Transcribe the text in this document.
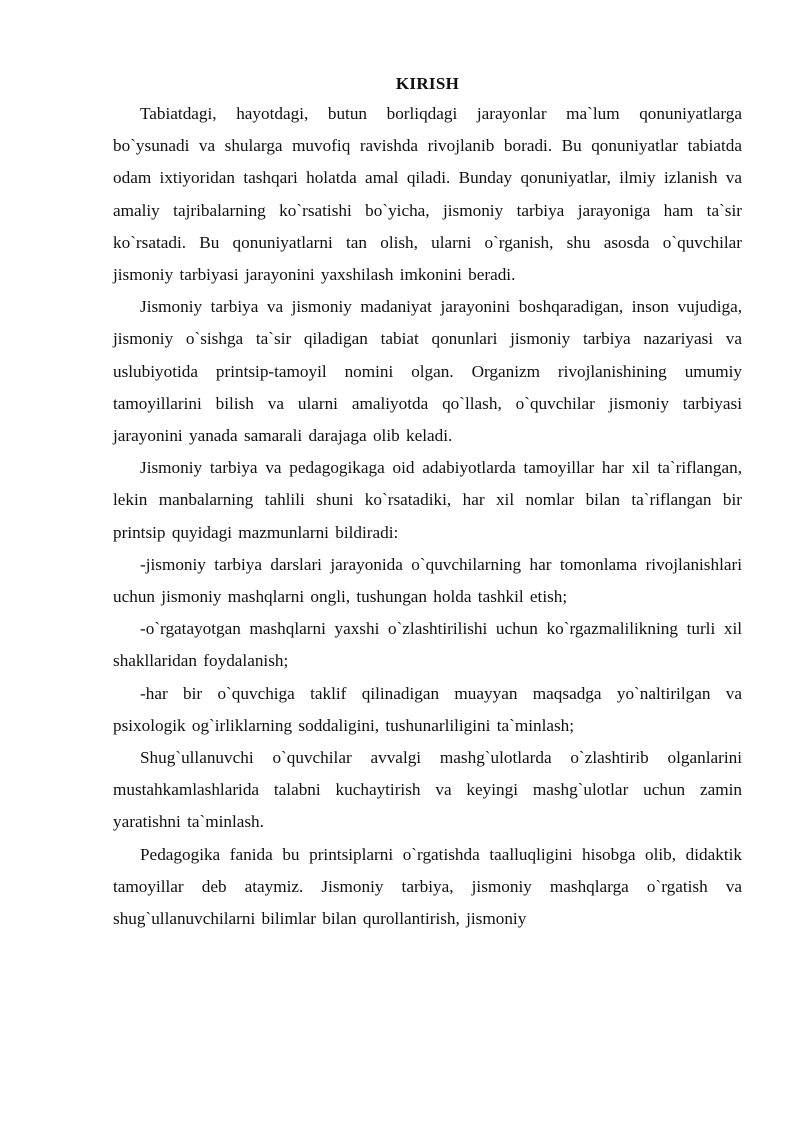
KIRISH

Tabiatdagi, hayotdagi, butun borliqdagi jarayonlar ma`lum qonuniyatlarga bo`ysunadi va shularga muvofiq ravishda rivojlanib boradi. Bu qonuniyatlar tabiatda odam ixtiyoridan tashqari holatda amal qiladi. Bunday qonuniyatlar, ilmiy izlanish va amaliy tajribalarning ko`rsatishi bo`yicha, jismoniy tarbiya jarayoniga ham ta`sir ko`rsatadi. Bu qonuniyatlarni tan olish, ularni o`rganish, shu asosda o`quvchilar jismoniy tarbiyasi jarayonini yaxshilash imkonini beradi.

Jismoniy tarbiya va jismoniy madaniyat jarayonini boshqaradigan, inson vujudiga, jismoniy o`sishga ta`sir qiladigan tabiat qonunlari jismoniy tarbiya nazariyasi va uslubiyotida printsip-tamoyil nomini olgan. Organizm rivojlanishining umumiy tamoyillarini bilish va ularni amaliyotda qo`llash, o`quvchilar jismoniy tarbiyasi jarayonini yanada samarali darajaga olib keladi.

Jismoniy tarbiya va pedagogikaga oid adabiyotlarda tamoyillar har xil ta`riflangan, lekin manbalarning tahlili shuni ko`rsatadiki, har xil nomlar bilan ta`riflangan bir printsip quyidagi mazmunlarni bildiradi:

-jismoniy tarbiya darslari jarayonida o`quvchilarning har tomonlama rivojlanishlari uchun jismoniy mashqlarni ongli, tushungan holda tashkil etish;

-o`rgatayotgan mashqlarni yaxshi o`zlashtirilishi uchun ko`rgazmalilikning turli xil shakllaridan foydalanish;

-har bir o`quvchiga taklif qilinadigan muayyan maqsadga yo`naltirilgan va psixologik og`irliklarning soddaligini, tushunarliligini ta`minlash;

Shug`ullanuvchi o`quvchilar avvalgi mashg`ulotlarda o`zlashtirib olganlarini mustahkamlashlarida talabni kuchaytirish va keyingi mashg`ulotlar uchun zamin yaratishni ta`minlash.

Pedagogika fanida bu printsiplarni o`rgatishda taalluqligini hisobga olib, didaktik tamoyillar deb ataymiz. Jismoniy tarbiya, jismoniy mashqlarga o`rgatish va shug`ullanuvchilarni bilimlar bilan qurollantirish, jismoniy
